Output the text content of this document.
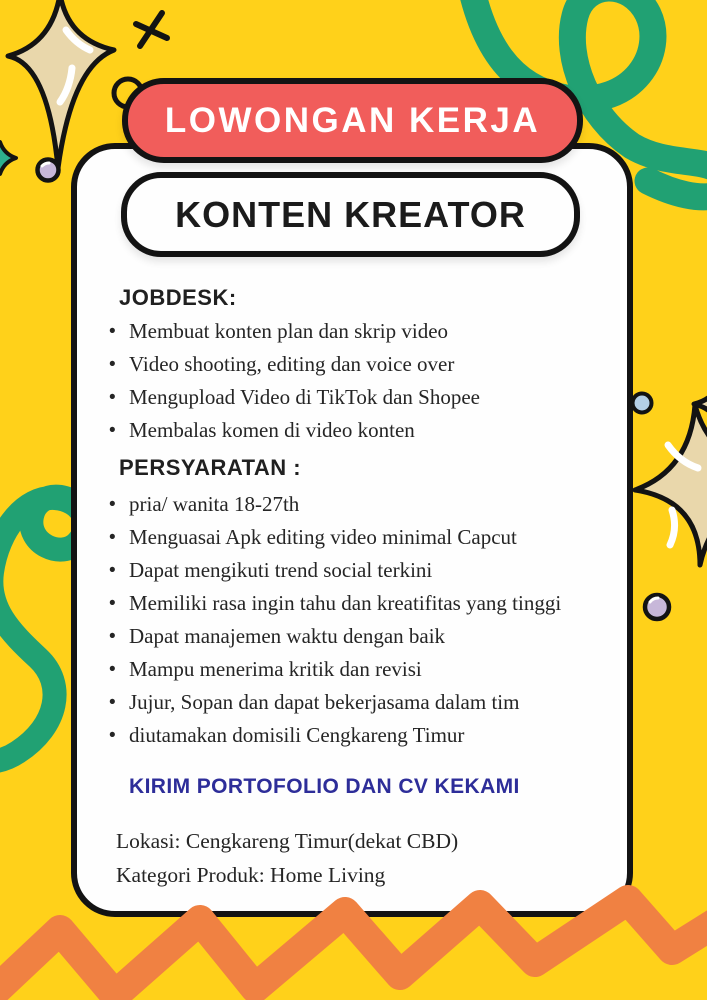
LOWONGAN KERJA
KONTEN KREATOR
JOBDESK:
• Membuat konten plan dan skrip video
• Video shooting, editing dan voice over
• Mengupload Video di TikTok dan Shopee
• Membalas komen di video konten
PERSYARATAN :
• pria/ wanita 18-27th
• Menguasai Apk editing video minimal Capcut
• Dapat mengikuti trend social terkini
• Memiliki rasa ingin tahu dan kreatifitas yang tinggi
• Dapat manajemen waktu dengan baik
• Mampu menerima kritik dan revisi
• Jujur, Sopan dan dapat bekerjasama dalam tim
• diutamakan domisili Cengkareng Timur
KIRIM PORTOFOLIO DAN CV KEKAMI
Lokasi: Cengkareng Timur(dekat CBD)
Kategori Produk: Home Living
